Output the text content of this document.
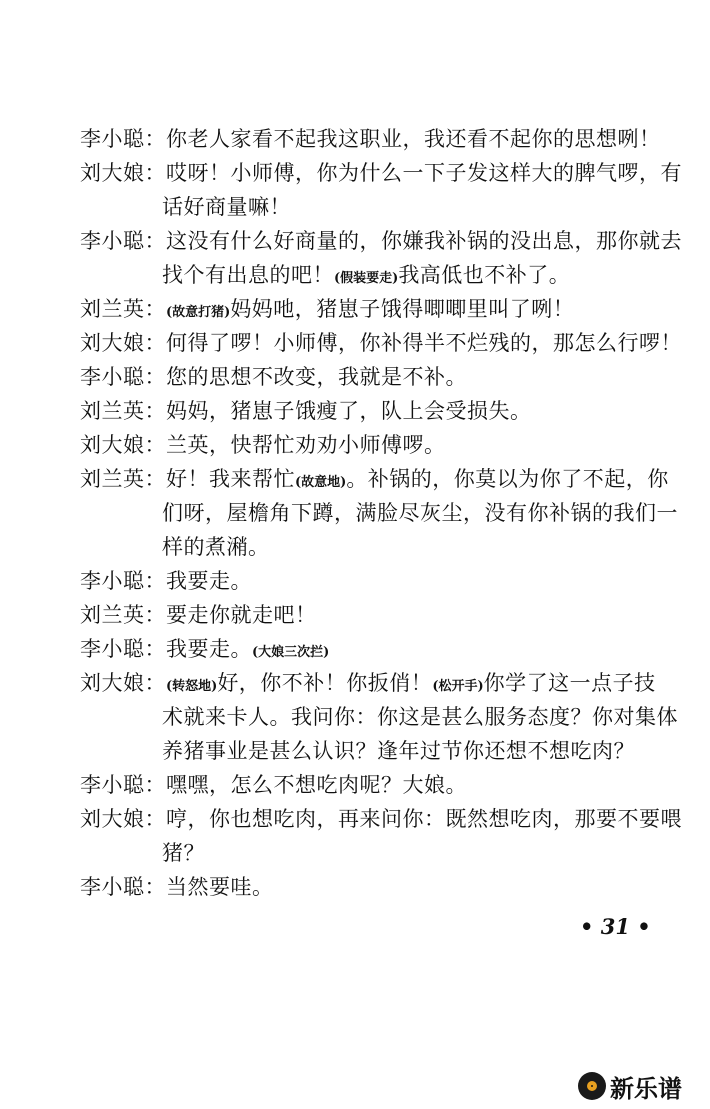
李小聪：你老人家看不起我这职业，我还看不起你的思想咧！
刘大娘：哎呀！小师傅，你为什么一下子发这样大的脾气啰，有
话好商量嘛！
李小聪：这没有什么好商量的，你嫌我补锅的没出息，那你就去
找个有出息的吧！(假装要走)我高低也不补了。
刘兰英：(故意打猪)妈妈吔，猪崽子饿得唧唧里叫了咧！
刘大娘：何得了啰！小师傅，你补得半不烂残的，那怎么行啰！
李小聪：您的思想不改变，我就是不补。
刘兰英：妈妈，猪崽子饿瘦了，队上会受损失。
刘大娘：兰英，快帮忙劝劝小师傅啰。
刘兰英：好！我来帮忙(故意地)。补锅的，你莫以为你了不起，你
们呀，屋檐角下蹲，满脸尽灰尘，没有你补锅的我们一
样的煮潲。
李小聪：我要走。
刘兰英：要走你就走吧！
李小聪：我要走。(大娘三次拦)
刘大娘：(转怒地)好，你不补！你扳俏！(松开手)你学了这一点子技
术就来卡人。我问你：你这是甚么服务态度？你对集体
养猪事业是甚么认识？逢年过节你还想不想吃肉？
李小聪：嘿嘿，怎么不想吃肉呢？大娘。
刘大娘：哼，你也想吃肉，再来问你：既然想吃肉，那要不要喂
猪？
李小聪：当然要哇。
• 31 •
新乐谱
